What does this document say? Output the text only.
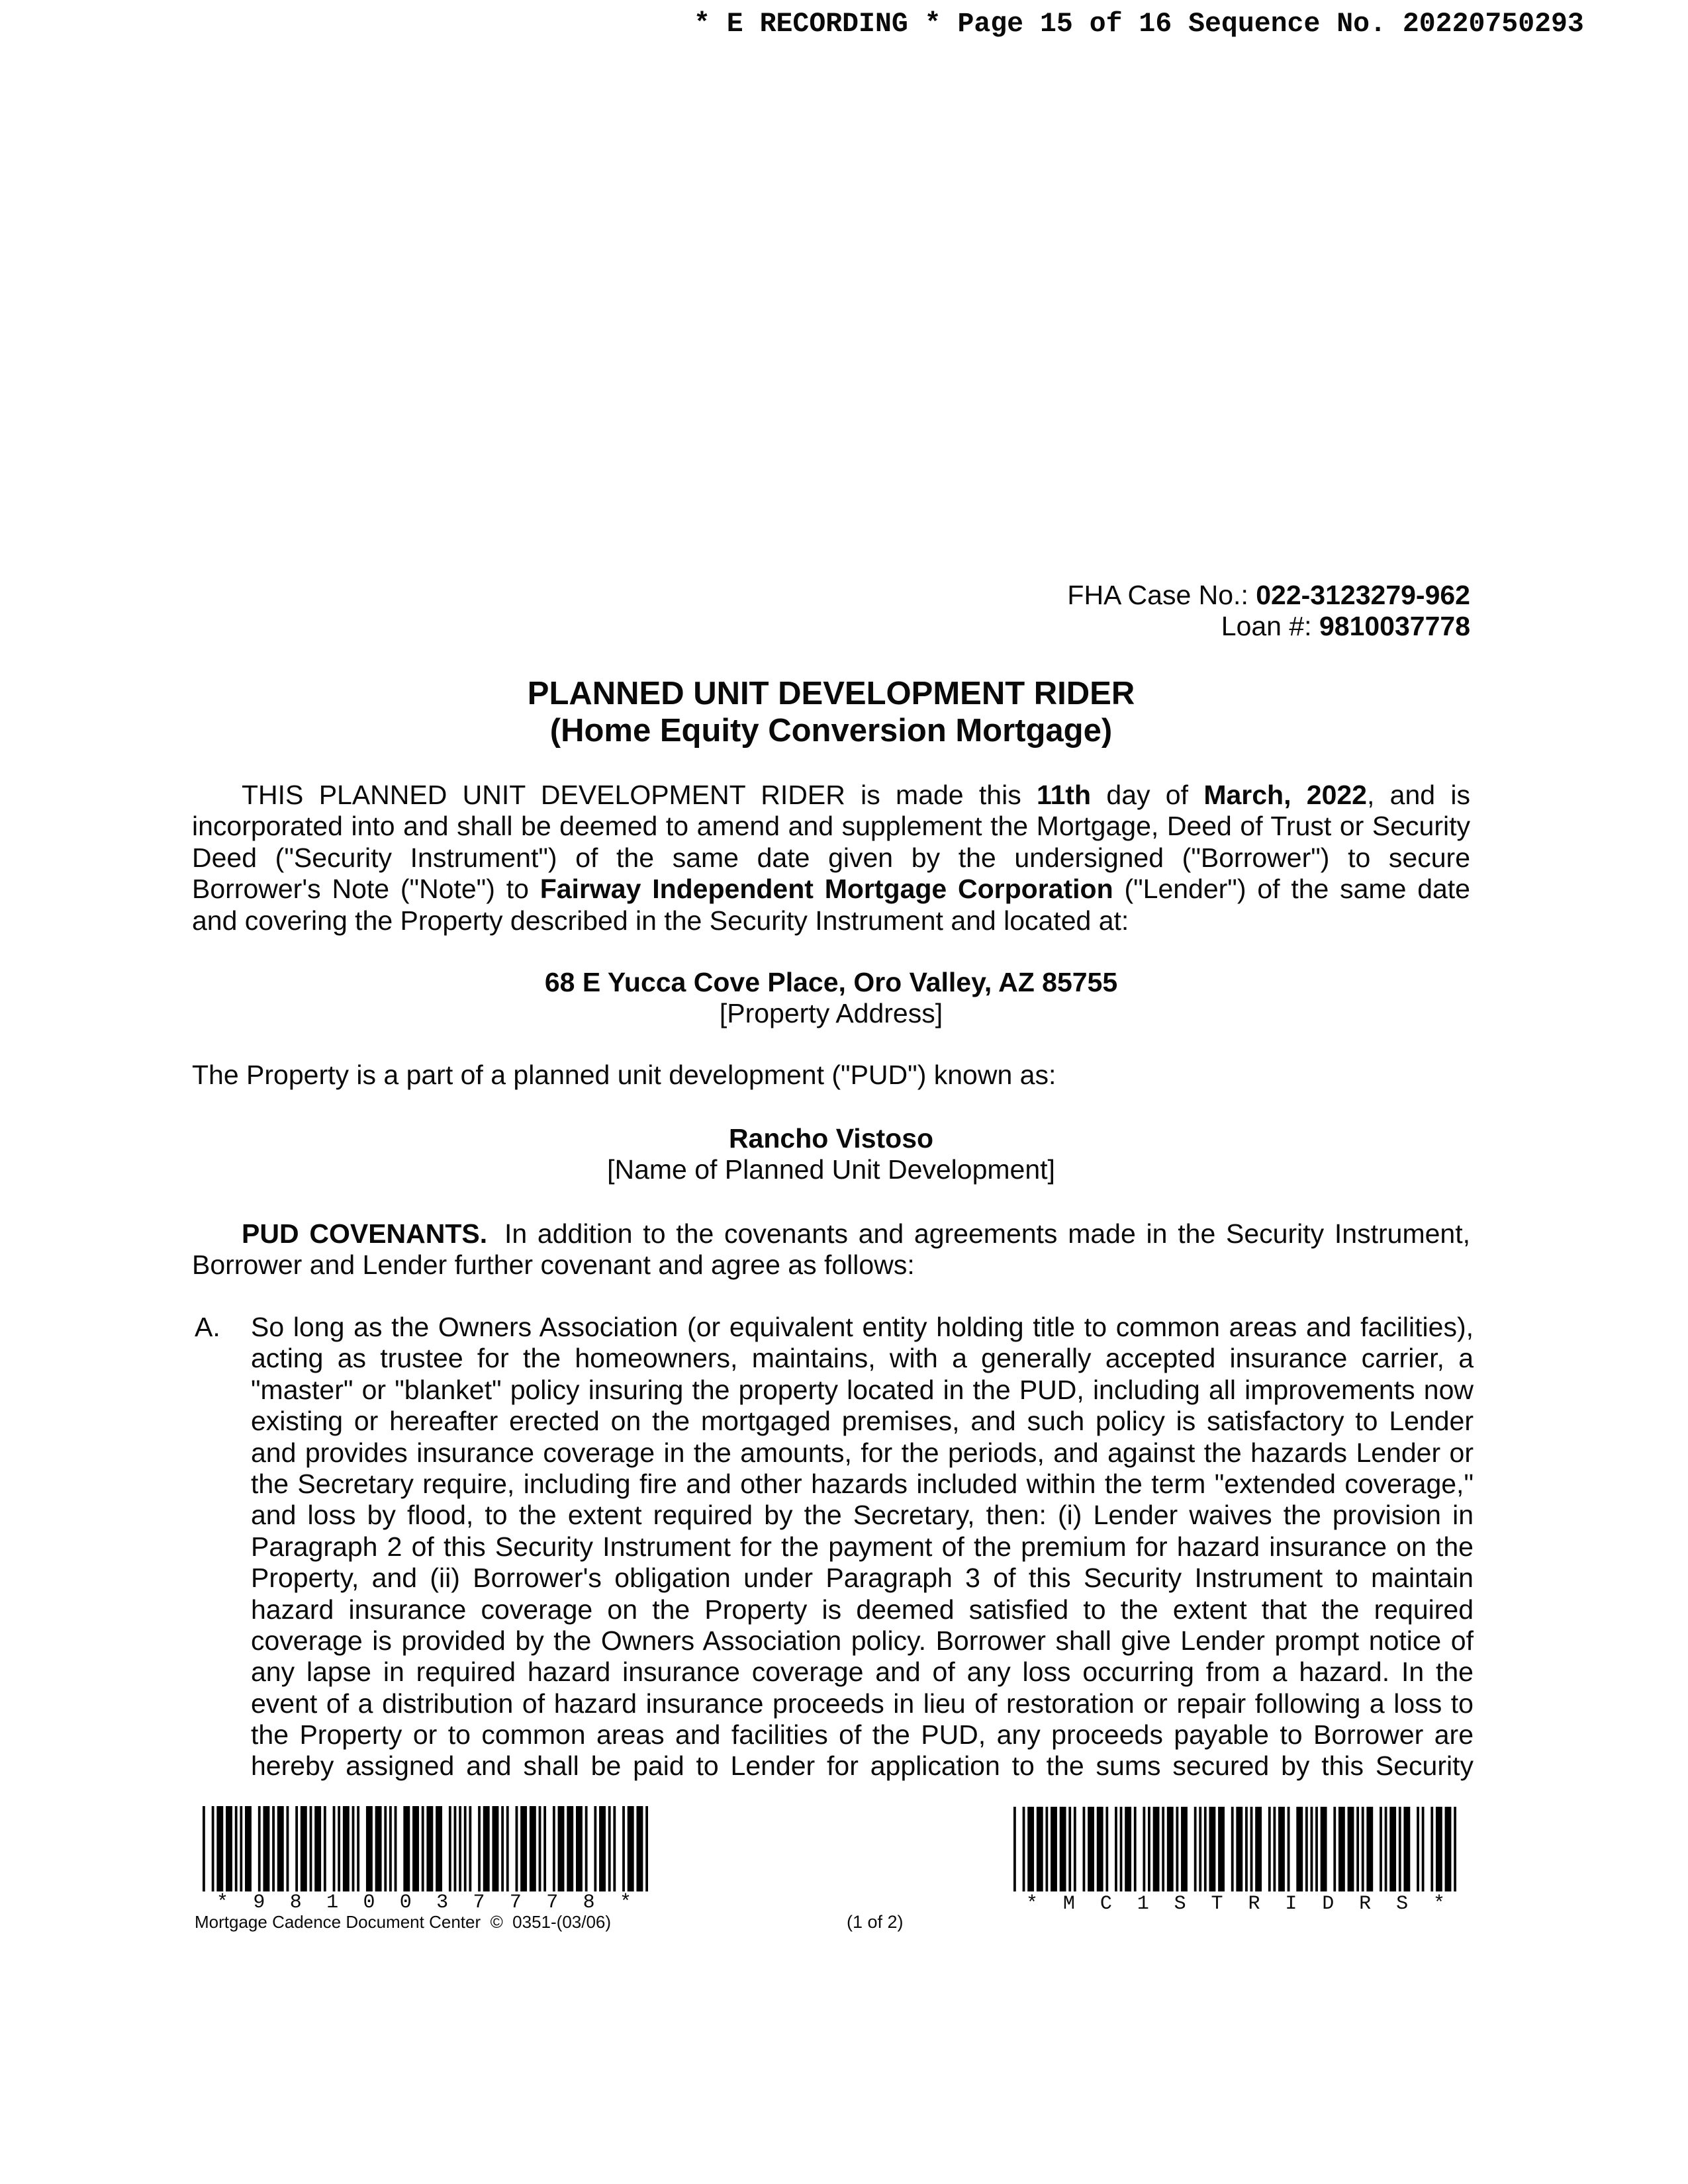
* E RECORDING * Page 15 of 16 Sequence No. 20220750293
FHA Case No.: 022-3123279-962
Loan #: 9810037778
PLANNED UNIT DEVELOPMENT RIDER
(Home Equity Conversion Mortgage)
THIS PLANNED UNIT DEVELOPMENT RIDER is made this 11th day of March, 2022, and is
incorporated into and shall be deemed to amend and supplement the Mortgage, Deed of Trust or Security
Deed ("Security Instrument") of the same date given by the undersigned ("Borrower") to secure
Borrower's Note ("Note") to Fairway Independent Mortgage Corporation ("Lender") of the same date
and covering the Property described in the Security Instrument and located at:
68 E Yucca Cove Place, Oro Valley, AZ 85755
[Property Address]
The Property is a part of a planned unit development ("PUD") known as:
Rancho Vistoso
[Name of Planned Unit Development]
PUD COVENANTS. In addition to the covenants and agreements made in the Security Instrument,
Borrower and Lender further covenant and agree as follows:
A. So long as the Owners Association (or equivalent entity holding title to common areas and facilities),
acting as trustee for the homeowners, maintains, with a generally accepted insurance carrier, a
"master" or "blanket" policy insuring the property located in the PUD, including all improvements now
existing or hereafter erected on the mortgaged premises, and such policy is satisfactory to Lender
and provides insurance coverage in the amounts, for the periods, and against the hazards Lender or
the Secretary require, including fire and other hazards included within the term "extended coverage,"
and loss by flood, to the extent required by the Secretary, then: (i) Lender waives the provision in
Paragraph 2 of this Security Instrument for the payment of the premium for hazard insurance on the
Property, and (ii) Borrower's obligation under Paragraph 3 of this Security Instrument to maintain
hazard insurance coverage on the Property is deemed satisfied to the extent that the required
coverage is provided by the Owners Association policy. Borrower shall give Lender prompt notice of
any lapse in required hazard insurance coverage and of any loss occurring from a hazard. In the
event of a distribution of hazard insurance proceeds in lieu of restoration or repair following a loss to
the Property or to common areas and facilities of the PUD, any proceeds payable to Borrower are
hereby assigned and shall be paid to Lender for application to the sums secured by this Security
* 9 8 1 0 0 3 7 7 7 8 *	* M C 1 S T R I D R S *
Mortgage Cadence Document Center  ©  0351-(03/06)	(1 of 2)
